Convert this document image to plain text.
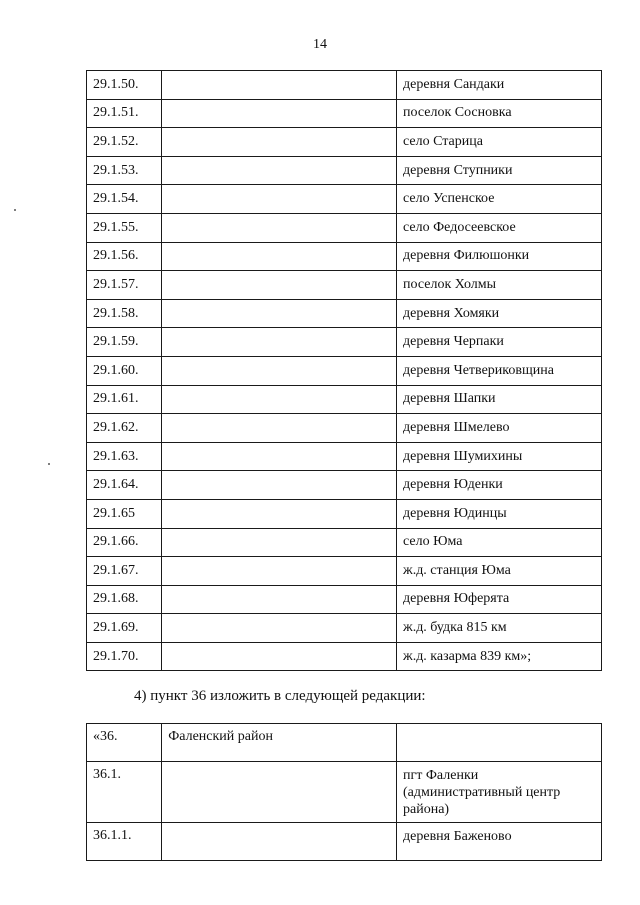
14
29.1.50.		деревня Сандаки
29.1.51.		поселок Сосновка
29.1.52.		село Старица
29.1.53.		деревня Ступники
29.1.54.		село Успенское
29.1.55.		село Федосеевское
29.1.56.		деревня Филюшонки
29.1.57.		поселок Холмы
29.1.58.		деревня Хомяки
29.1.59.		деревня Черпаки
29.1.60.		деревня Четвериковщина
29.1.61.		деревня Шапки
29.1.62.		деревня Шмелево
29.1.63.		деревня Шумихины
29.1.64.		деревня Юденки
29.1.65		деревня Юдинцы
29.1.66.		село Юма
29.1.67.		ж.д. станция Юма
29.1.68.		деревня Юферята
29.1.69.		ж.д. будка 815 км
29.1.70.		ж.д. казарма 839 км»;
4) пункт 36 изложить в следующей редакции:
«36.	Фаленский район	
36.1.		пгт Фаленки (административный центр района)
36.1.1.		деревня Баженово
